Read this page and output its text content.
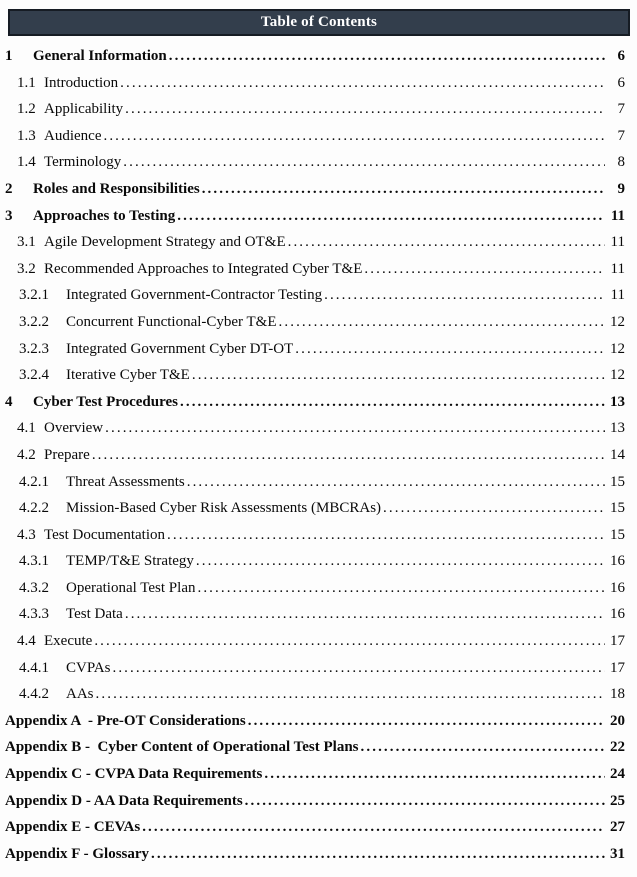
Table of Contents
1	General Information .....	6
1.1 Introduction .....	6
1.2 Applicability .....	7
1.3 Audience .....	7
1.4 Terminology .....	8
2	Roles and Responsibilities .....	9
3	Approaches to Testing .....	11
3.1 Agile Development Strategy and OT&E .....	11
3.2 Recommended Approaches to Integrated Cyber T&E .....	11
3.2.1	Integrated Government-Contractor Testing .....	11
3.2.2	Concurrent Functional-Cyber T&E .....	12
3.2.3	Integrated Government Cyber DT-OT .....	12
3.2.4	Iterative Cyber T&E .....	12
4	Cyber Test Procedures .....	13
4.1 Overview .....	13
4.2 Prepare .....	14
4.2.1	Threat Assessments .....	15
4.2.2	Mission-Based Cyber Risk Assessments (MBCRAs) .....	15
4.3 Test Documentation .....	15
4.3.1	TEMP/T&E Strategy .....	16
4.3.2	Operational Test Plan .....	16
4.3.3	Test Data .....	16
4.4 Execute .....	17
4.4.1	CVPAs .....	17
4.4.2	AAs .....	18
Appendix A  - Pre-OT Considerations .....	20
Appendix B -  Cyber Content of Operational Test Plans .....	22
Appendix C - CVPA Data Requirements .....	24
Appendix D - AA Data Requirements .....	25
Appendix E - CEVAs .....	27
Appendix F - Glossary .....	31
